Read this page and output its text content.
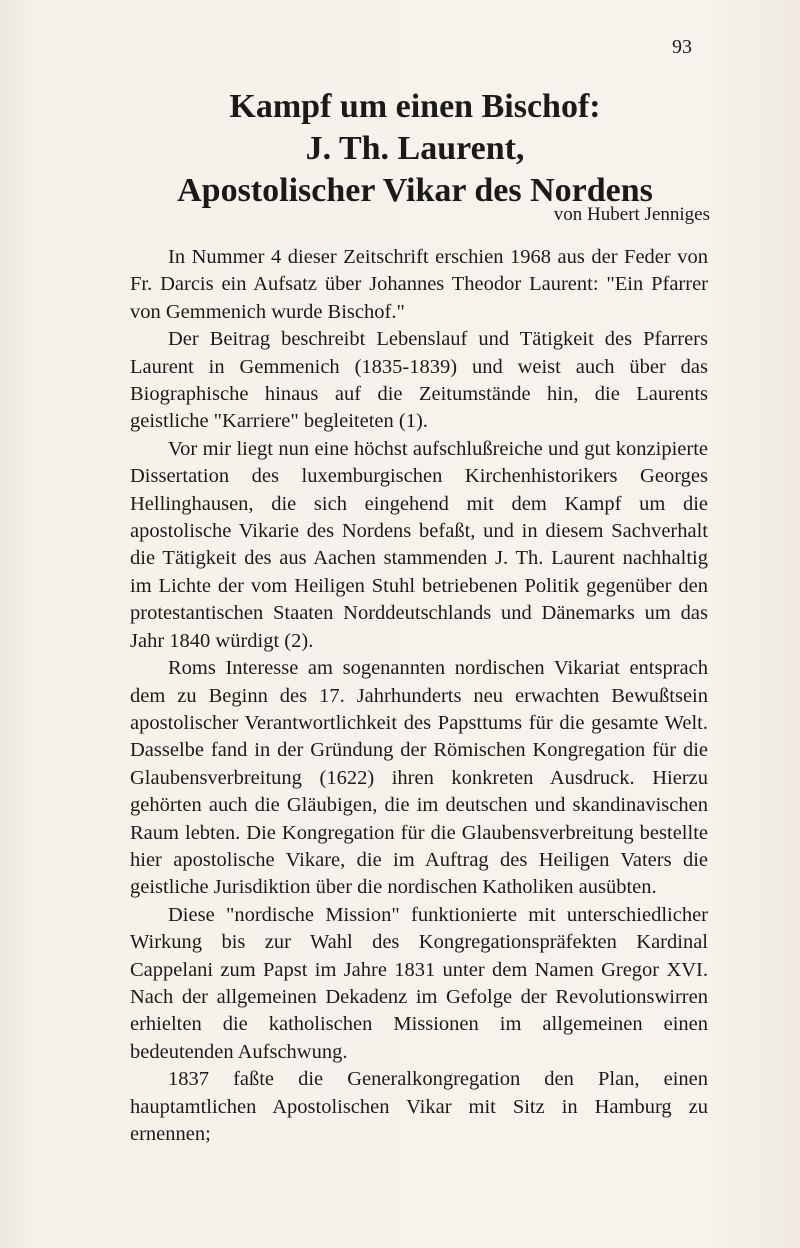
93
Kampf um einen Bischof:
J. Th. Laurent,
Apostolischer Vikar des Nordens
von Hubert Jenniges

In Nummer 4 dieser Zeitschrift erschien 1968 aus der Feder von Fr. Darcis ein Aufsatz über Johannes Theodor Laurent: "Ein Pfarrer von Gemmenich wurde Bischof."

Der Beitrag beschreibt Lebenslauf und Tätigkeit des Pfarrers Laurent in Gemmenich (1835-1839) und weist auch über das Biographische hinaus auf die Zeitumstände hin, die Laurents geistliche "Karriere" begleiteten (1).

Vor mir liegt nun eine höchst aufschlußreiche und gut konzipierte Dissertation des luxemburgischen Kirchenhistorikers Georges Hellinghausen, die sich eingehend mit dem Kampf um die apostolische Vikarie des Nordens befaßt, und in diesem Sachverhalt die Tätigkeit des aus Aachen stammenden J. Th. Laurent nachhaltig im Lichte der vom Heiligen Stuhl betriebenen Politik gegenüber den protestantischen Staaten Norddeutschlands und Dänemarks um das Jahr 1840 würdigt (2).

Roms Interesse am sogenannten nordischen Vikariat entsprach dem zu Beginn des 17. Jahrhunderts neu erwachten Bewußtsein apostolischer Verantwortlichkeit des Papsttums für die gesamte Welt. Dasselbe fand in der Gründung der Römischen Kongregation für die Glaubensverbreitung (1622) ihren konkreten Ausdruck. Hierzu gehörten auch die Gläubigen, die im deutschen und skandinavischen Raum lebten. Die Kongregation für die Glaubensverbreitung bestellte hier apostolische Vikare, die im Auftrag des Heiligen Vaters die geistliche Jurisdiktion über die nordischen Katholiken ausübten.

Diese "nordische Mission" funktionierte mit unterschiedlicher Wirkung bis zur Wahl des Kongregationspräfekten Kardinal Cappelani zum Papst im Jahre 1831 unter dem Namen Gregor XVI. Nach der allgemeinen Dekadenz im Gefolge der Revolutionswirren erhielten die katholischen Missionen im allgemeinen einen bedeutenden Aufschwung.

1837 faßte die Generalkongregation den Plan, einen hauptamtlichen Apostolischen Vikar mit Sitz in Hamburg zu ernennen;
